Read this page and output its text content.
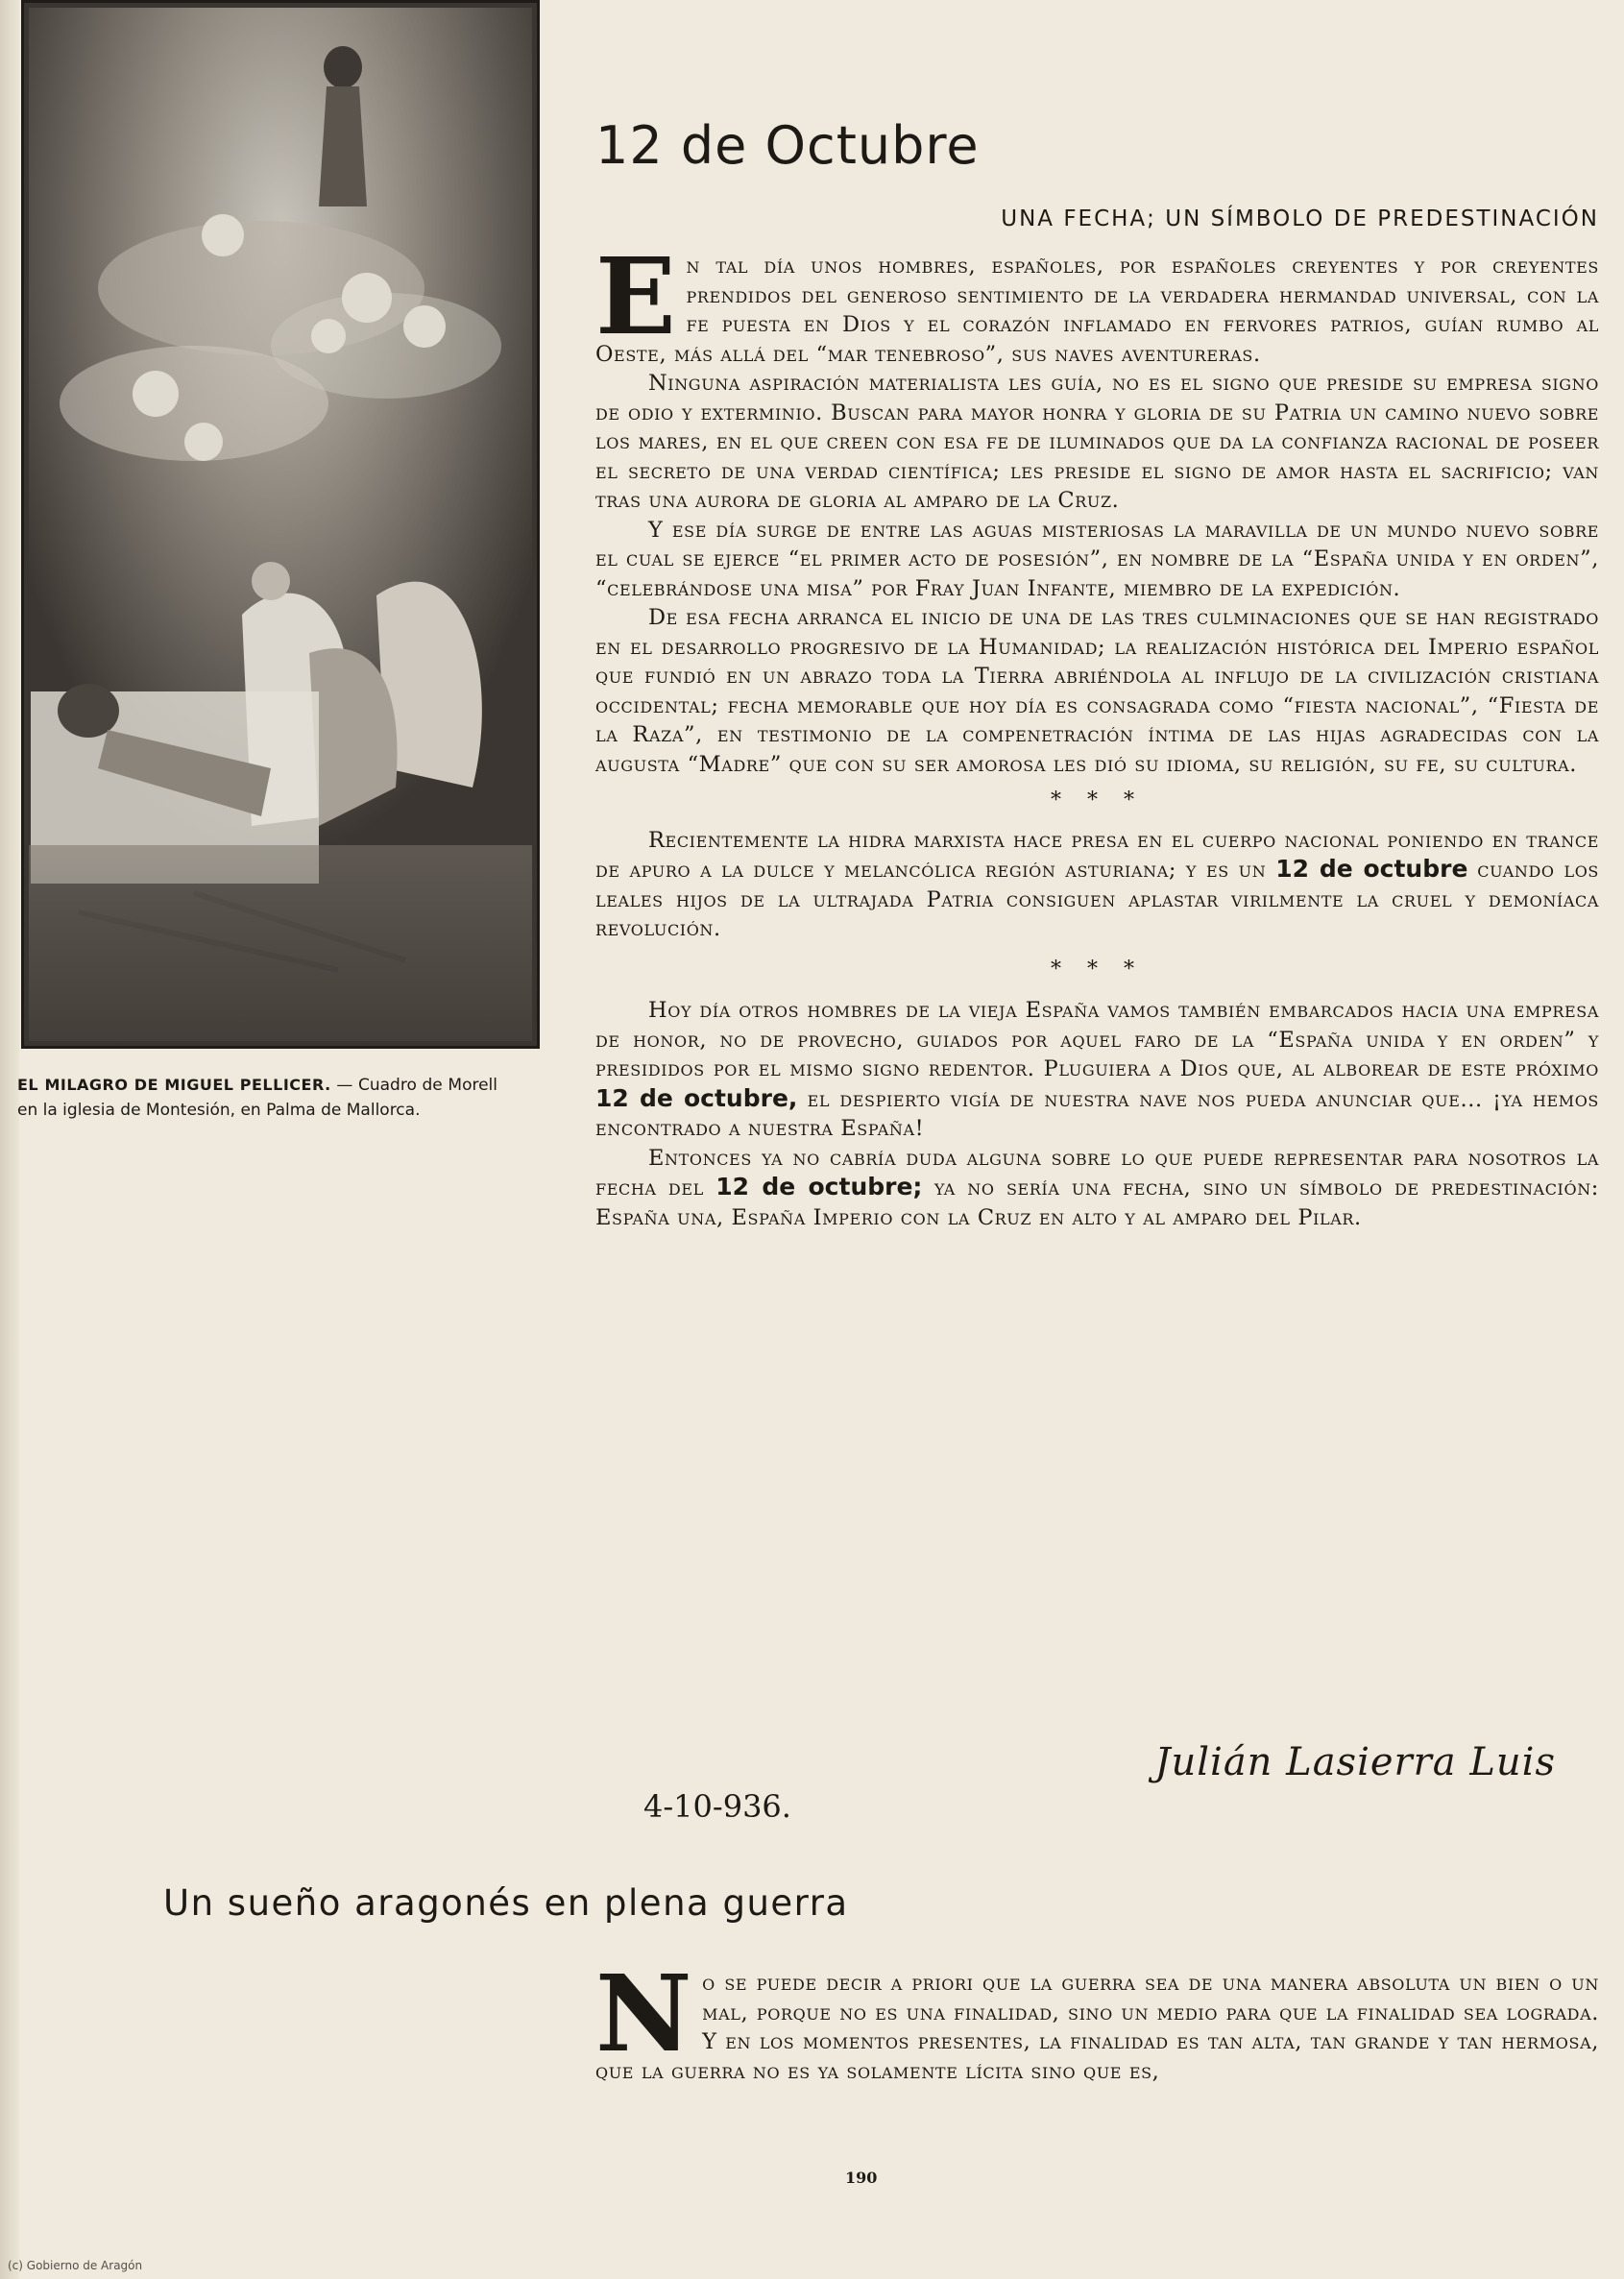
EL MILAGRO DE MIGUEL PELLICER. — Cuadro de Morell en la iglesia de Montesión, en Palma de Mallorca.
12 de Octubre
UNA FECHA; UN SÍMBOLO DE PREDESTINACIÓN

En tal día unos hombres, españoles, por españoles creyentes y por creyentes prendidos del generoso sentimiento de la verdadera hermandad universal, con la fe puesta en Dios y el corazón inflamado en fervores patrios, guían rumbo al Oeste, más allá del “mar tenebroso”, sus naves aventureras.

Ninguna aspiración materialista les guía, no es el signo que preside su empresa signo de odio y exterminio. Buscan para mayor honra y gloria de su Patria un camino nuevo sobre los mares, en el que creen con esa fe de iluminados que da la confianza racional de poseer el secreto de una verdad científica; les preside el signo de amor hasta el sacrificio; van tras una aurora de gloria al amparo de la Cruz.

Y ese día surge de entre las aguas misteriosas la maravilla de un mundo nuevo sobre el cual se ejerce “el primer acto de posesión”, en nombre de la “España unida y en orden”, “celebrándose una misa” por Fray Juan Infante, miembro de la expedición.

De esa fecha arranca el inicio de una de las tres culminaciones que se han registrado en el desarrollo progresivo de la Humanidad; la realización histórica del Imperio español que fundió en un abrazo toda la Tierra abriéndola al influjo de la civilización cristiana occidental; fecha memorable que hoy día es consagrada como “fiesta nacional”, “Fiesta de la Raza”, en testimonio de la compenetración íntima de las hijas agradecidas con la augusta “Madre” que con su ser amorosa les dió su idioma, su religión, su fe, su cultura.

* * *

Recientemente la hidra marxista hace presa en el cuerpo nacional poniendo en trance de apuro a la dulce y melancólica región asturiana; y es un 12 de octubre cuando los leales hijos de la ultrajada Patria consiguen aplastar virilmente la cruel y demoníaca revolución.

* * *

Hoy día otros hombres de la vieja España vamos también embarcados hacia una empresa de honor, no de provecho, guiados por aquel faro de la “España unida y en orden” y presididos por el mismo signo redentor. Pluguiera a Dios que, al alborear de este próximo 12 de octubre, el despierto vigía de nuestra nave nos pueda anunciar que... ¡ya hemos encontrado a nuestra España!

Entonces ya no cabría duda alguna sobre lo que puede representar para nosotros la fecha del 12 de octubre; ya no sería una fecha, sino un símbolo de predestinación: España una, España Imperio con la Cruz en alto y al amparo del Pilar.

Julián Lasierra Luis
4-10-936.
Un sueño aragonés en plena guerra

No se puede decir a priori que la guerra sea de una manera absoluta un bien o un mal, porque no es una finalidad, sino un medio para que la finalidad sea lograda. Y en los momentos presentes, la finalidad es tan alta, tan grande y tan hermosa, que la guerra no es ya solamente lícita sino que es,

190
(c) Gobierno de Aragón
